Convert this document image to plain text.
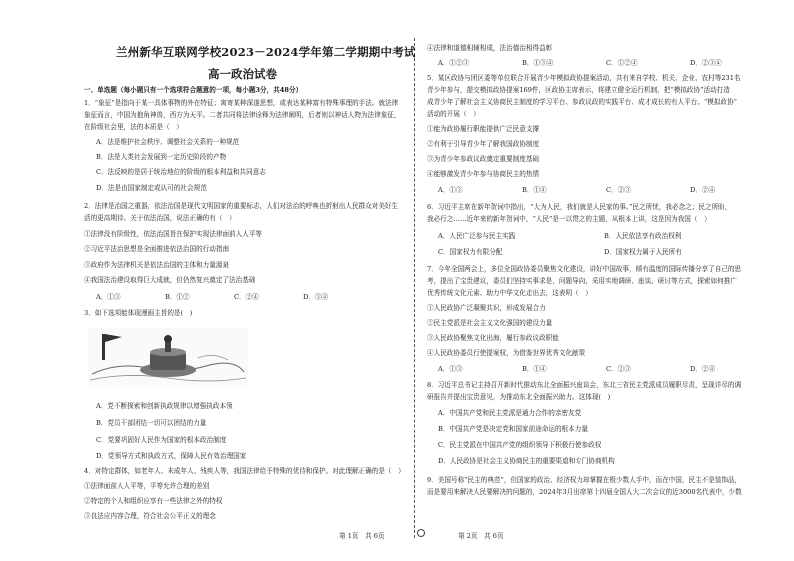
兰州新华互联网学校2023－2024学年第二学期期中考试
高一政治试卷
一、单选题（每小题只有一个选项符合题意的一项，每小题3分，共48分）
1．“象征”是指向于某一具体事物的外在特征；寓寄某种深遂思想，或表达某种富有特殊事理的手法。就法律
象征而言，中国为抱角神兽，西方为天平。二者共同将法律诠释为法律阐明，后者则以神话人物为法律象征，
在阶级社会里，法的本质是（　）
A．法是维护社会秩序、调整社会关系的一种规范
B．法是人类社会发展到一定历史阶段的产物
C．法反映的是居于统治地位的阶级的根本利益和共同意志
D．法是由国家制定或认可的社会规范
2．法律是治国之重器，依法治国是现代文明国家的重要标志，人们对法治的呼唤也折射出人民群众对美好生
活的更高期待。关于依法治国，说法正确的有（　）
①法律没有阶级性，依法治国旨在保护实现法律面前人人平等
②习近平法治思想是全面推进依法治国的行动指南
③政府作为法律机关是依法治国的主体和力量源泉
④我国法治建设取得巨大成就，但仍然复兴奠定了法治基础
A．①③	B．①②	C．②④	D．③④
3．如下选项能体现漫画主旨的是(　)
A．党不断探索和创新执政规律以增强执政本领
B．党员干部团结一切可以团结的力量
C．党要巩固好人民作为国家的根本政治制度
D．党领导方式和执政方式，保障人民有效治理国家
4．对特定群体，如老年人、未成年人、残疾人等，我国法律给予特殊的优待和保护。对此理解正确的是（　）
①法律面前人人平等，平等允许合理的差别
②特定的个人和组织应享有一些法律之外的特权
③良法应内容合理，符合社会公平正义的理念
第 1页　共 6页
④法律和道德相辅相成，法治德治相得益彰
A．①②③	B．①③④	C．①②④	D．②③④
5．某区政协与团区委等单位联合开展青少年模拟政协提案活动，共有来自学校、机关、企业、农村等231名
青少年参与，提交模拟政协提案169件，区政协主席表示，将建立健全运行机制，把“模拟政协”活动打造
成青少年了解社会主义协商民主制度的学习平台、参政议政的实践平台、成才成长的有人平台。“模拟政协”
活动的开展（　）
①能为政协履行职能提供广泛民意支撑
②有利于引导青少年了解我国政协制度
③为青少年参政议政奠定重要制度基础
④能够激发青少年参与协商民主的热情
A．①③	B．①④	C．②③	D．②④
6．习近平主席在新年贺词中指出，“大为人民，我们就是人民家的事。”民之所忧，我必念之；民之所盼，
我必行之……近年来的新年贺词中，“人民”是一以贯之的主题，从根本上讲，这是因为我国（　）
A．人民广泛参与民主实践	B．人民依法享有政治权利
C．国家权力有限分配	D．国家权力属于人民所有
7．今年全国两会上，多位全国政协委员聚焦文化建设，讲好中国故事，倾有温度的国际传播分享了自己的思
考，提出了宝贵建议，委员们坚持实事求是，问题导向，采用实地调研、座谈、研讨等方式，探索如何推广
优秀传统文化元素、助力中华文化走出去，这表明（　）
①人民政协广泛凝聚共识，形成发展合力
②民主党派是社会主义文化强国的建设力量
③人民政协聚焦文化出海，履行参政议政职能
④人民政协委员行使提案权，为借鉴世界优秀文化献策
A．①③	B．①④	C．②③	D．②④
8．习近平总书记主持召开新时代推动东北全面振兴座谈会，东北三省民主党派成员履职尽责，呈现详尽的调
研报告并提出宝贵意见，为推动东北全面振兴助力。这体现(　)
A．中国共产党和民主党派是通力合作的亲密友党
B．中国共产党是决定党和国家前途命运的根本力量
C．民主党派在中国共产党的组织领导下积极行使参政权
D．人民政协是社会主义协商民主的重要渠道和专门协商机构
9．美国号称“民主的典范”，但国家的政治、经济权力却掌握在极少数人手中，而在中国，民主不是装饰品，
而是要用来解决人民要解决的问题的，2024年3月出席第十四届全国人大二次会议的近3000名代表中，少数
第 2页　共 6页
